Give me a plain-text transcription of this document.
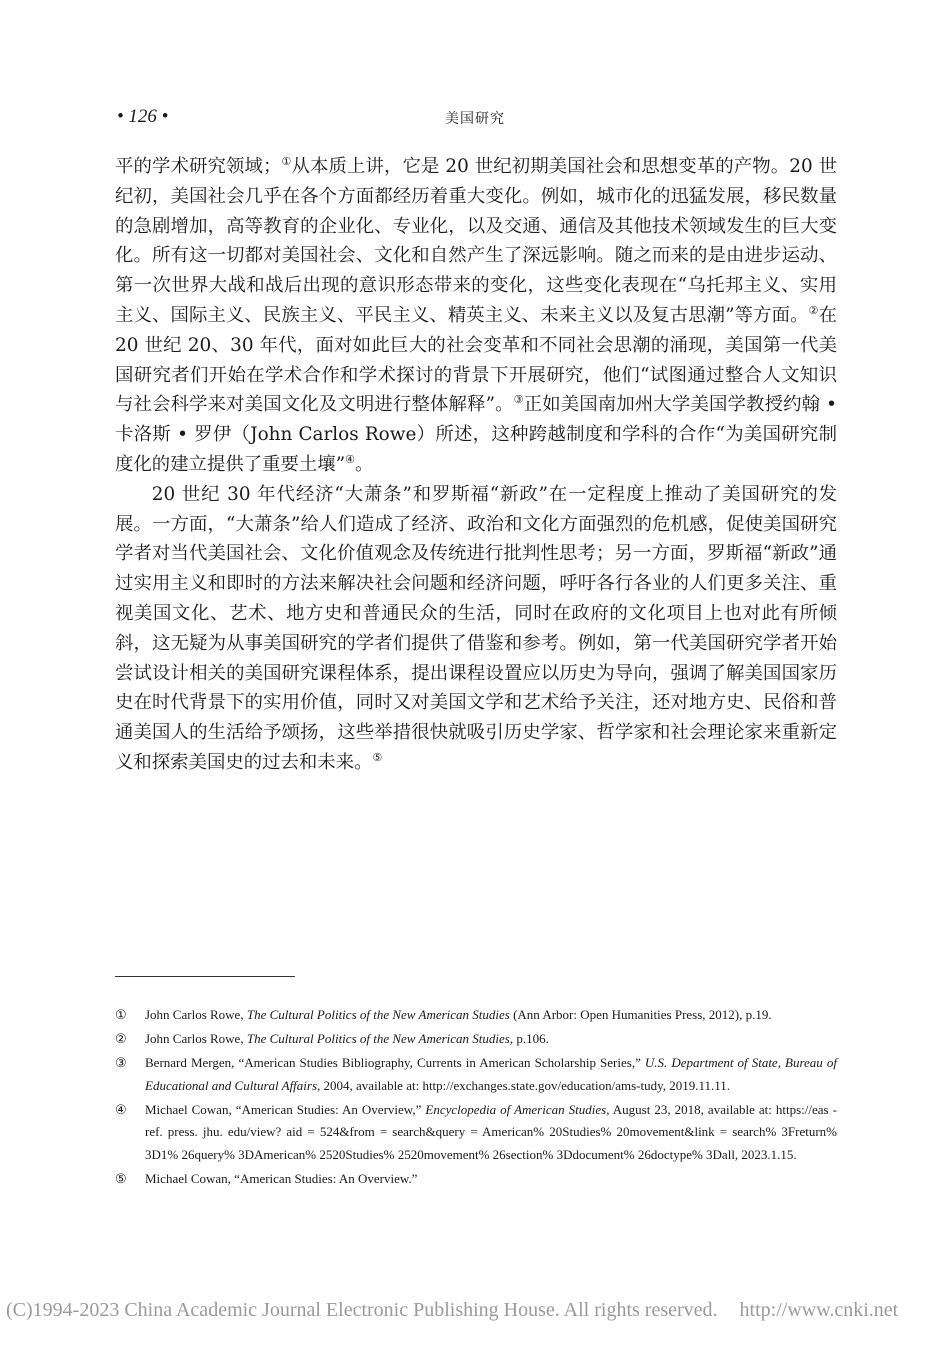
• 126 •	美国研究

平的学术研究领域；①从本质上讲，它是 20 世纪初期美国社会和思想变革的产物。20 世纪初，美国社会几乎在各个方面都经历着重大变化。例如，城市化的迅猛发展，移民数量的急剧增加，高等教育的企业化、专业化，以及交通、通信及其他技术领域发生的巨大变化。所有这一切都对美国社会、文化和自然产生了深远影响。随之而来的是由进步运动、第一次世界大战和战后出现的意识形态带来的变化，这些变化表现在“乌托邦主义、实用主义、国际主义、民族主义、平民主义、精英主义、未来主义以及复古思潮”等方面。②在 20 世纪 20、30 年代，面对如此巨大的社会变革和不同社会思潮的涌现，美国第一代美国研究者们开始在学术合作和学术探讨的背景下开展研究，他们“试图通过整合人文知识与社会科学来对美国文化及文明进行整体解释”。③正如美国南加州大学美国学教授约翰 • 卡洛斯 • 罗伊（John Carlos Rowe）所述，这种跨越制度和学科的合作“为美国研究制度化的建立提供了重要土壤”④。

20 世纪 30 年代经济“大萧条”和罗斯福“新政”在一定程度上推动了美国研究的发展。一方面，“大萧条”给人们造成了经济、政治和文化方面强烈的危机感，促使美国研究学者对当代美国社会、文化价值观念及传统进行批判性思考；另一方面，罗斯福“新政”通过实用主义和即时的方法来解决社会问题和经济问题，呼吁各行各业的人们更多关注、重视美国文化、艺术、地方史和普通民众的生活，同时在政府的文化项目上也对此有所倾斜，这无疑为从事美国研究的学者们提供了借鉴和参考。例如，第一代美国研究学者开始尝试设计相关的美国研究课程体系，提出课程设置应以历史为导向，强调了解美国国家历史在时代背景下的实用价值，同时又对美国文学和艺术给予关注，还对地方史、民俗和普通美国人的生活给予颂扬，这些举措很快就吸引历史学家、哲学家和社会理论家来重新定义和探索美国史的过去和未来。⑤

① John Carlos Rowe, The Cultural Politics of the New American Studies (Ann Arbor: Open Humanities Press, 2012), p.19.
② John Carlos Rowe, The Cultural Politics of the New American Studies, p.106.
③ Bernard Mergen, “American Studies Bibliography, Currents in American Scholarship Series,” U.S. Department of State, Bureau of Educational and Cultural Affairs, 2004, available at: http://exchanges.state.gov/education/ams-tudy, 2019.11.11.
④ Michael Cowan, “American Studies: An Overview,” Encyclopedia of American Studies, August 23, 2018, available at: https://eas - ref. press. jhu. edu/view? aid = 524&from = search&query = American% 20Studies% 20movement&link = search% 3Freturn% 3D1% 26query% 3DAmerican% 2520Studies% 2520movement% 26section% 3Ddocument% 26doctype% 3Dall, 2023.1.15.
⑤ Michael Cowan, “American Studies: An Overview.”
(C)1994-2023 China Academic Journal Electronic Publishing House. All rights reserved. http://www.cnki.net
